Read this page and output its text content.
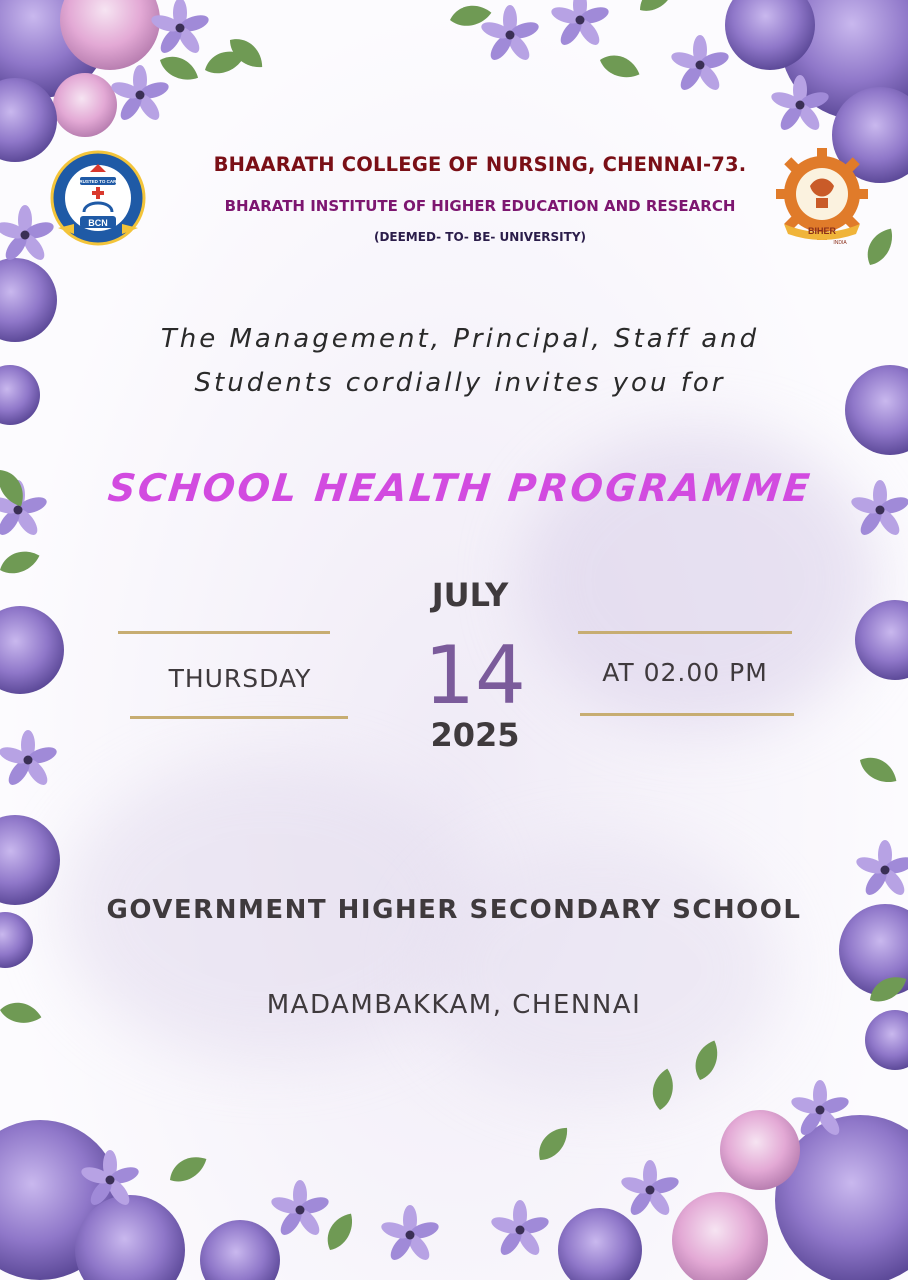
BCN
TRUSTED TO CARE
BIHER
INDIA
BHAARATH COLLEGE OF NURSING, CHENNAI-73.
BHARATH INSTITUTE OF HIGHER EDUCATION AND RESEARCH
(DEEMED- TO- BE- UNIVERSITY)
The Management, Principal, Staff and
Students cordially invites you for
SCHOOL HEALTH PROGRAMME
JULY
THURSDAY	14	AT 02.00 PM
2025
GOVERNMENT HIGHER SECONDARY SCHOOL
MADAMBAKKAM, CHENNAI
